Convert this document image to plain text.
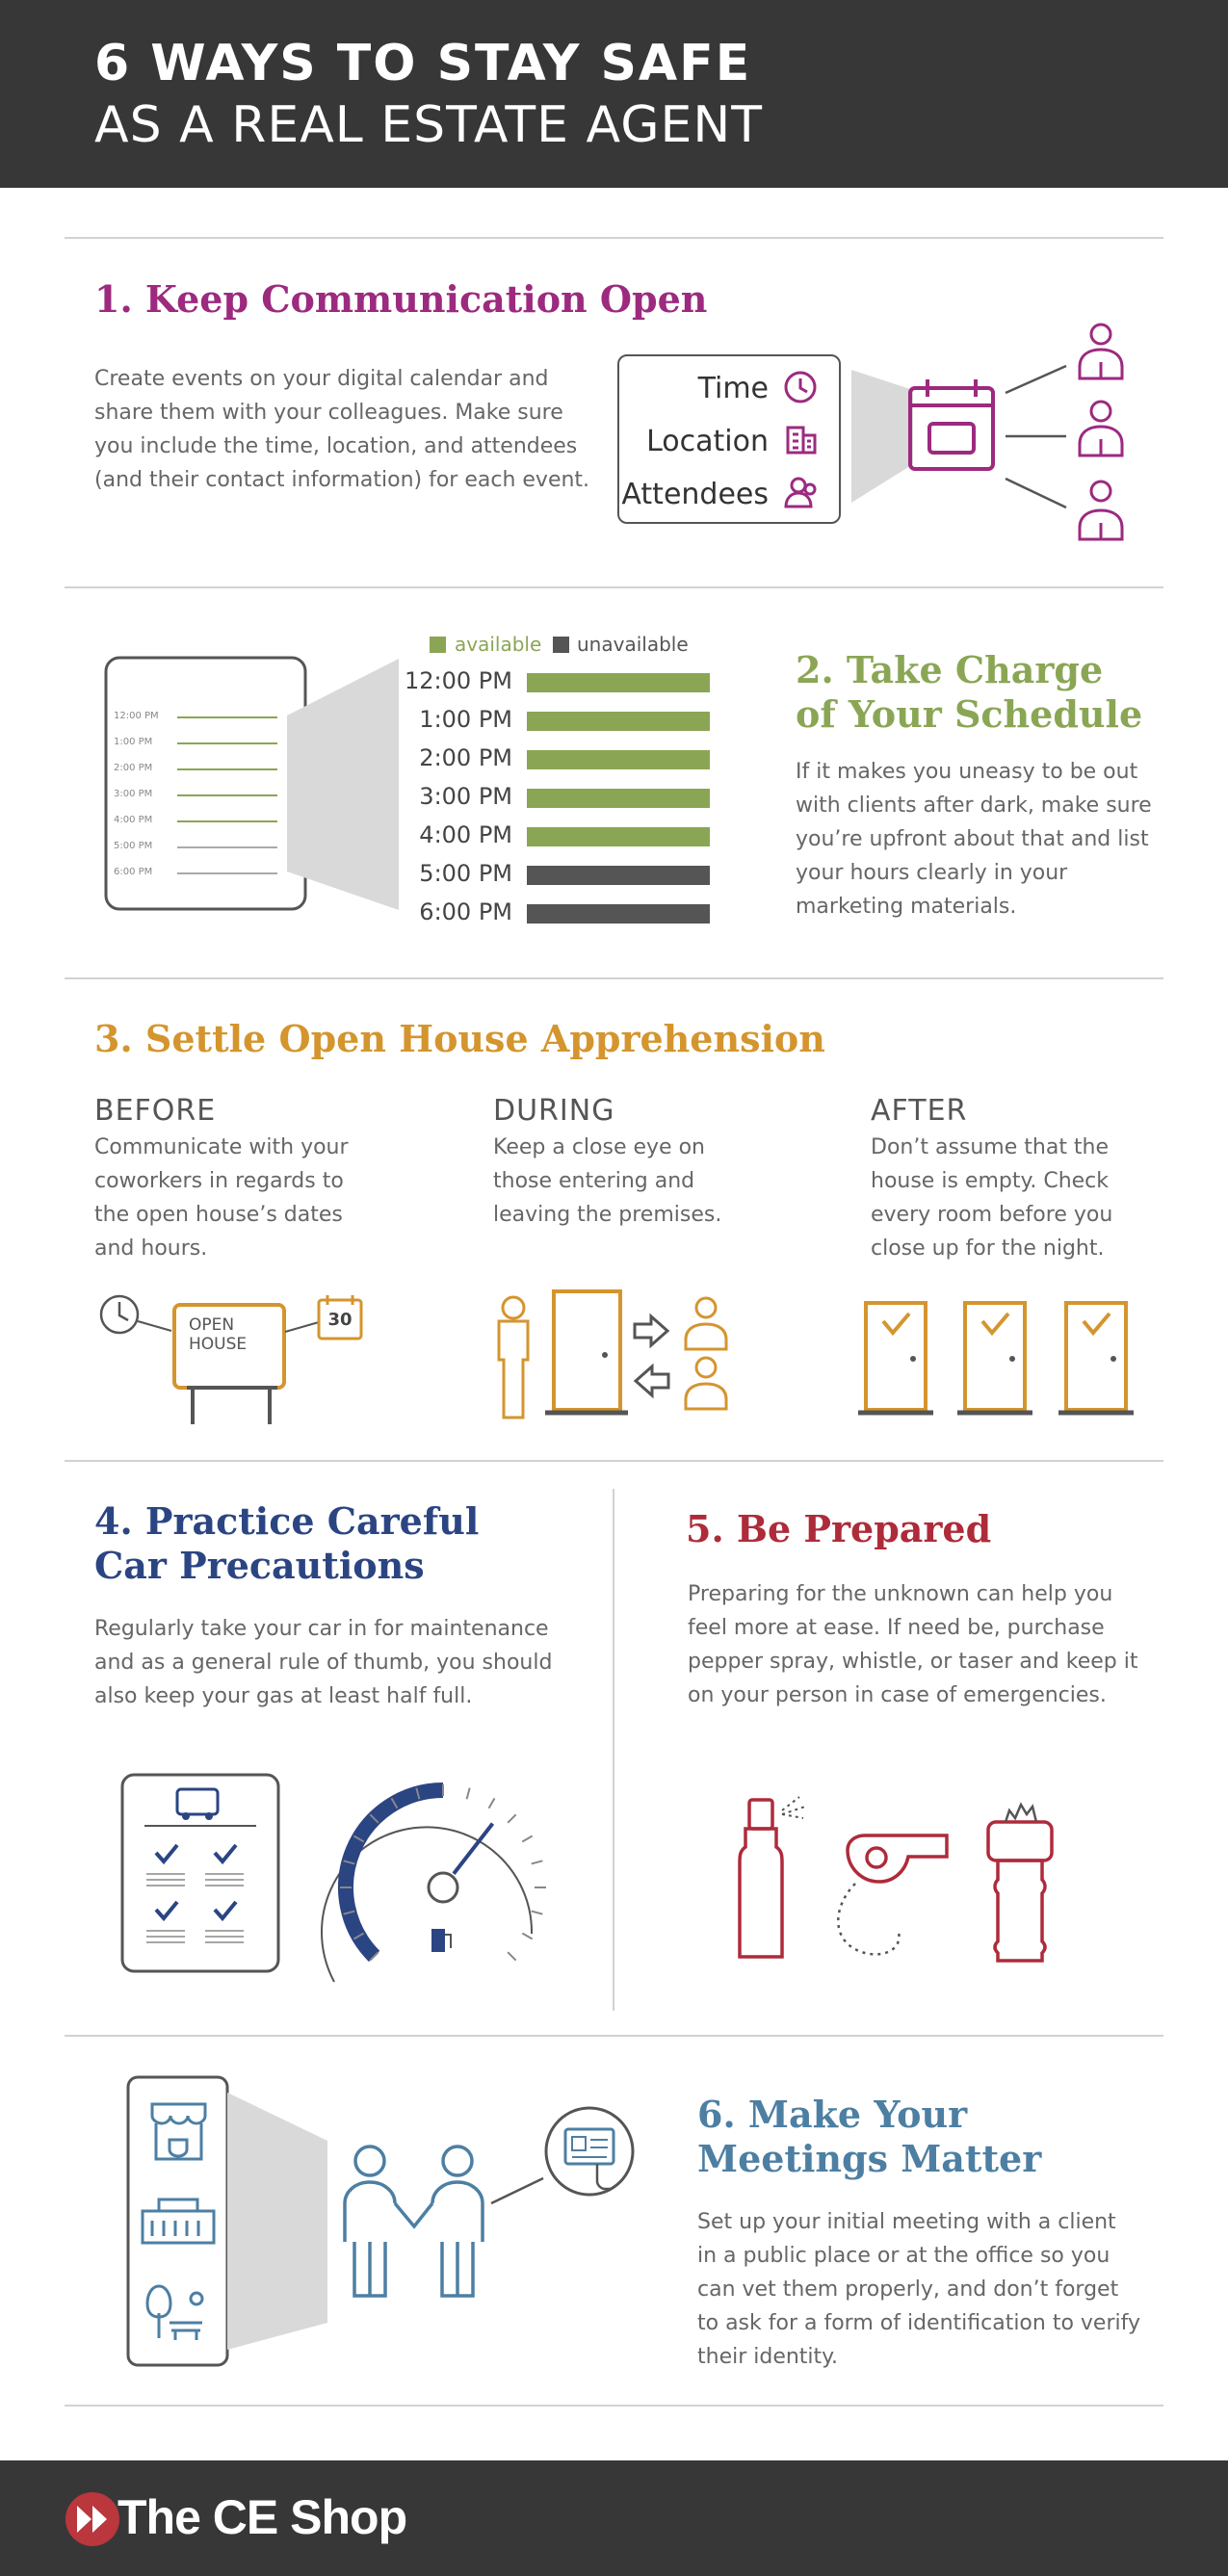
6 WAYS TO STAY SAFE
AS A REAL ESTATE AGENT
1. Keep Communication Open
Create events on your digital calendar and share them with your colleagues. Make sure you include the time, location, and attendees (and their contact information) for each event.
Time
Location
Attendees
available unavailable
12:00 PM
1:00 PM
2:00 PM
3:00 PM
4:00 PM
5:00 PM
6:00 PM
12:00 PM
1:00 PM
2:00 PM
3:00 PM
4:00 PM
5:00 PM
6:00 PM
2. Take Charge
of Your Schedule
If it makes you uneasy to be out with clients after dark, make sure you’re upfront about that and list your hours clearly in your marketing materials.
3. Settle Open House Apprehension
BEFORE
Communicate with your coworkers in regards to the open house’s dates and hours.
DURING
Keep a close eye on those entering and leaving the premises.
AFTER
Don’t assume that the house is empty. Check every room before you close up for the night.
OPEN
HOUSE
30
4. Practice Careful
Car Precautions
Regularly take your car in for maintenance and as a general rule of thumb, you should also keep your gas at least half full.
5. Be Prepared
Preparing for the unknown can help you feel more at ease. If need be, purchase pepper spray, whistle, or taser and keep it on your person in case of emergencies.
6. Make Your
Meetings Matter
Set up your initial meeting with a client in a public place or at the office so you can vet them properly, and don’t forget to ask for a form of identification to verify their identity.
The CE Shop
